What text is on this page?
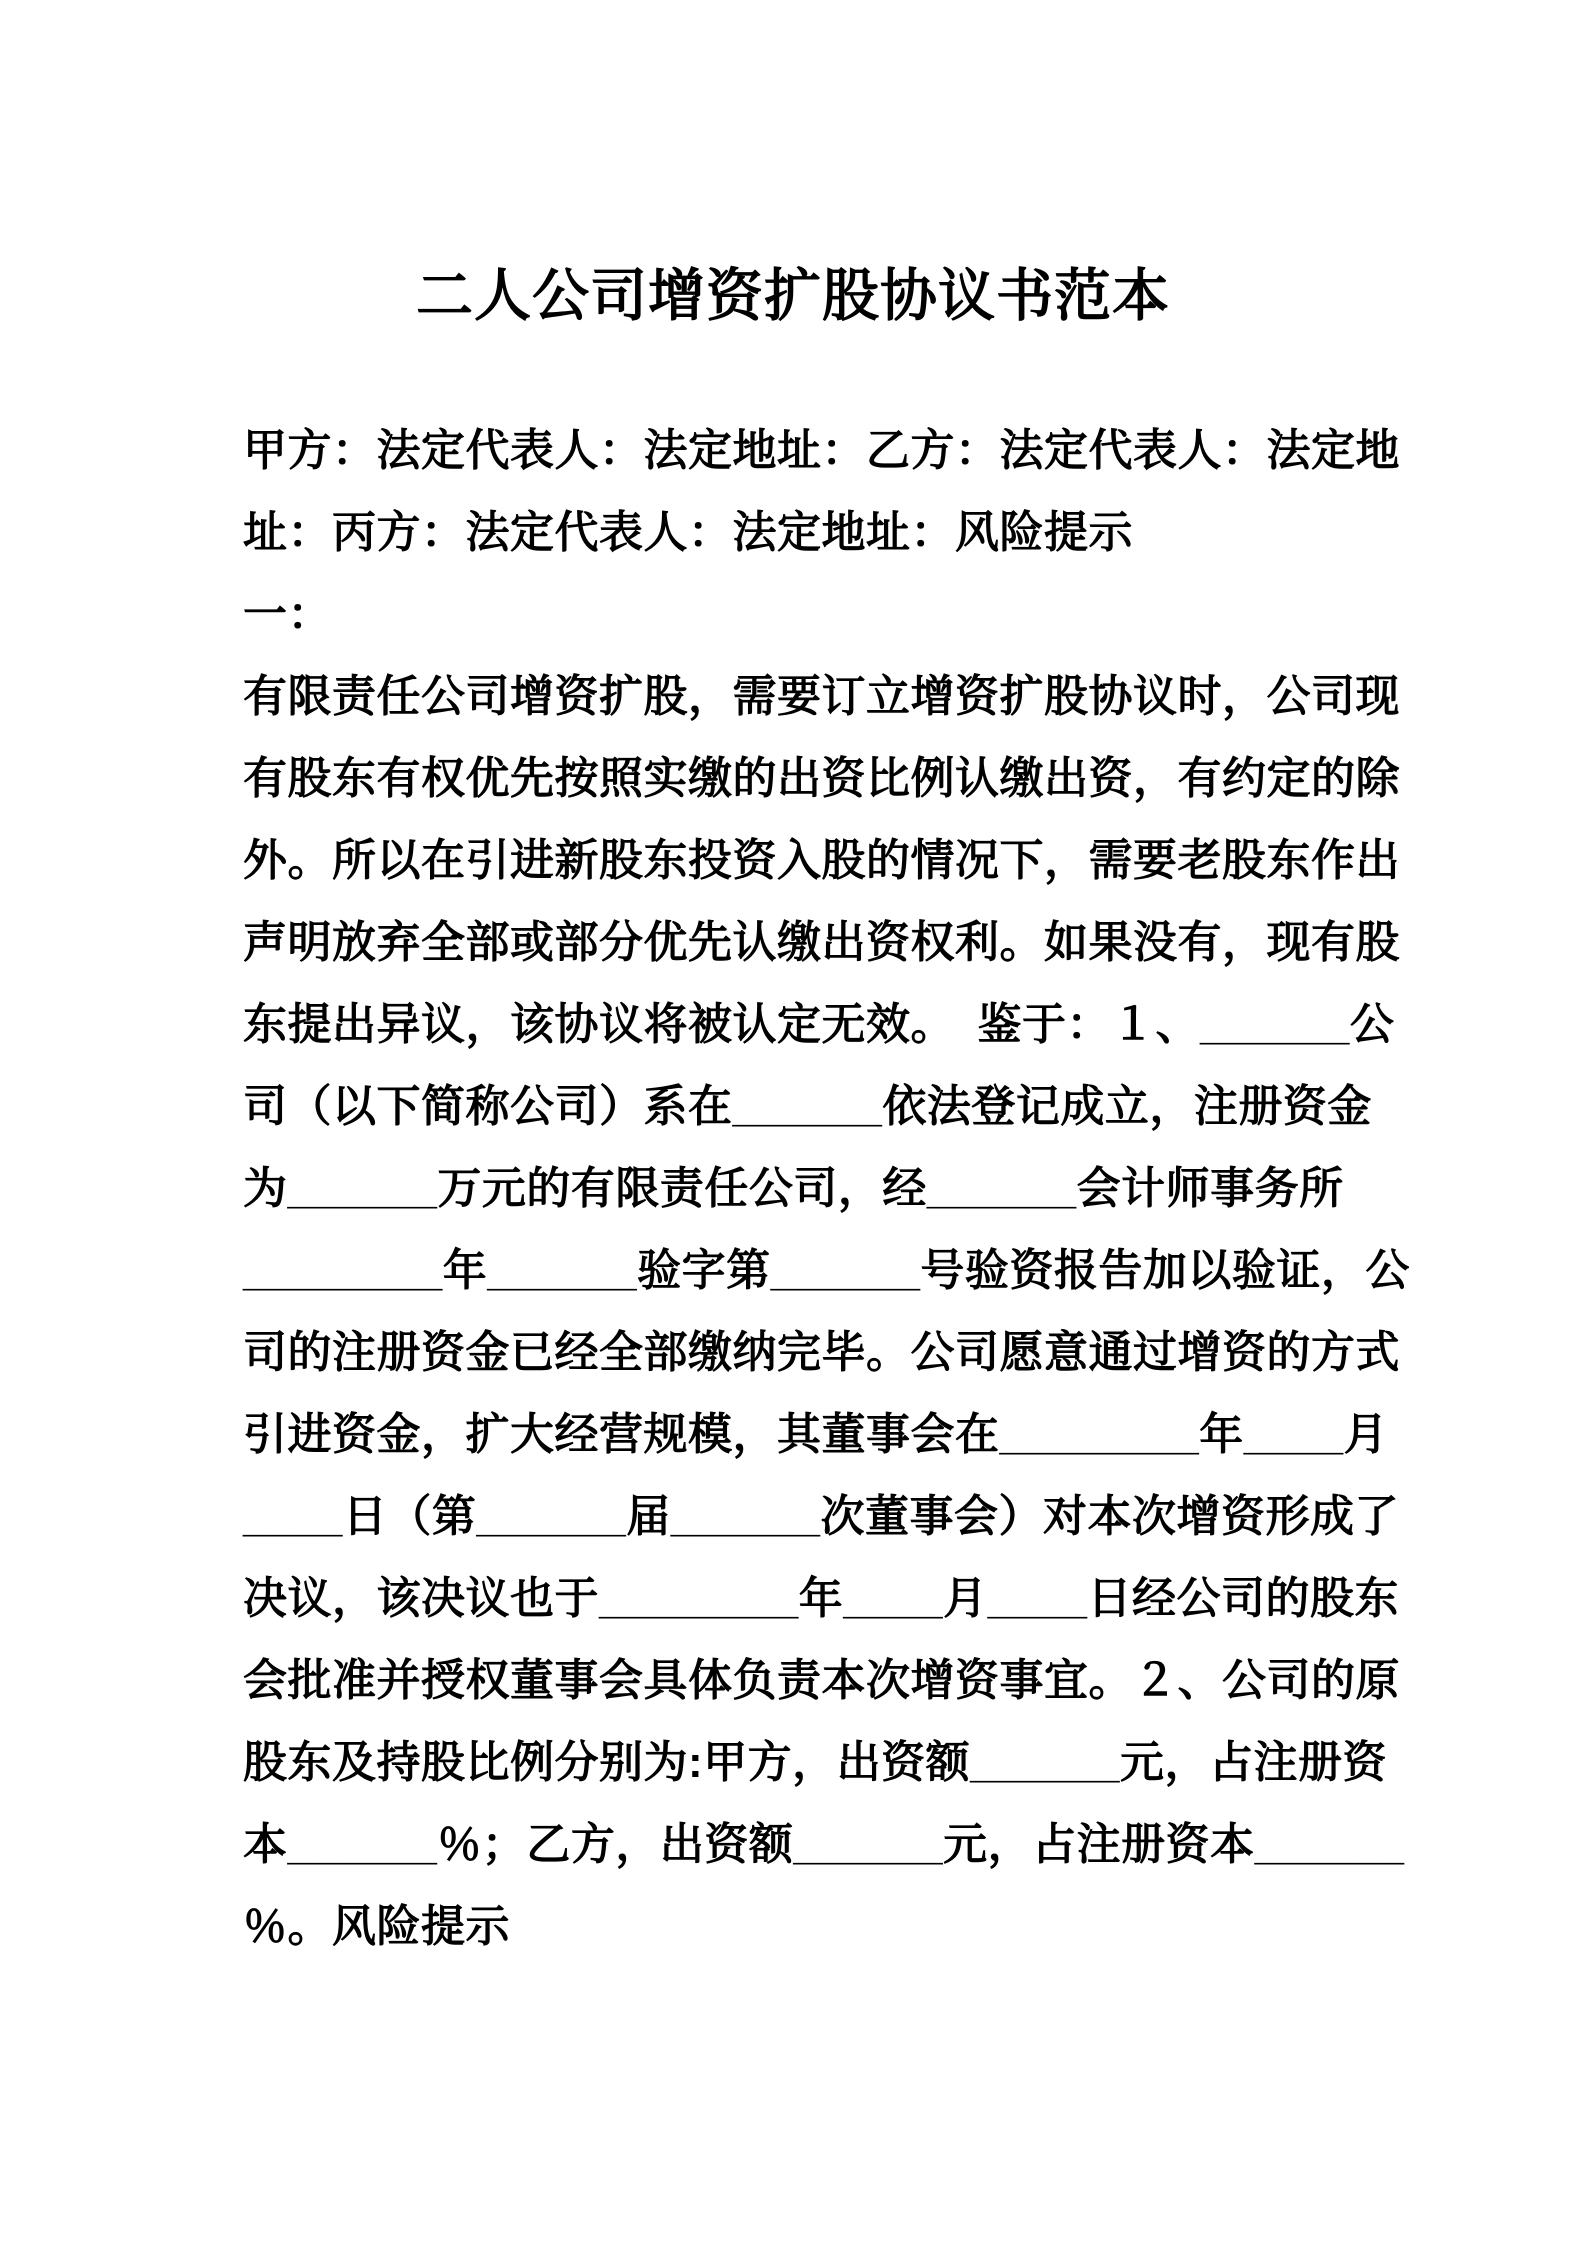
二人公司增资扩股协议书范本
甲方：法定代表人：法定地址：乙方：法定代表人：法定地
址：丙方：法定代表人：法定地址：风险提示
一：
有限责任公司增资扩股，需要订立增资扩股协议时，公司现
有股东有权优先按照实缴的出资比例认缴出资，有约定的除
外。所以在引进新股东投资入股的情况下，需要老股东作出
声明放弃全部或部分优先认缴出资权利。如果没有，现有股
东提出异议，该协议将被认定无效。　鉴于：１、______公
司（以下简称公司）系在______依法登记成立，注册资金
为______万元的有限责任公司，经______会计师事务所
________年______验字第______号验资报告加以验证，公
司的注册资金已经全部缴纳完毕。公司愿意通过增资的方式
引进资金，扩大经营规模，其董事会在________年____月
____日（第______届______次董事会）对本次增资形成了
决议，该决议也于________年____月____日经公司的股东
会批准并授权董事会具体负责本次增资事宜。２、公司的原
股东及持股比例分别为:甲方，出资额______元，占注册资
本______％；乙方，出资额______元，占注册资本______
％。风险提示
